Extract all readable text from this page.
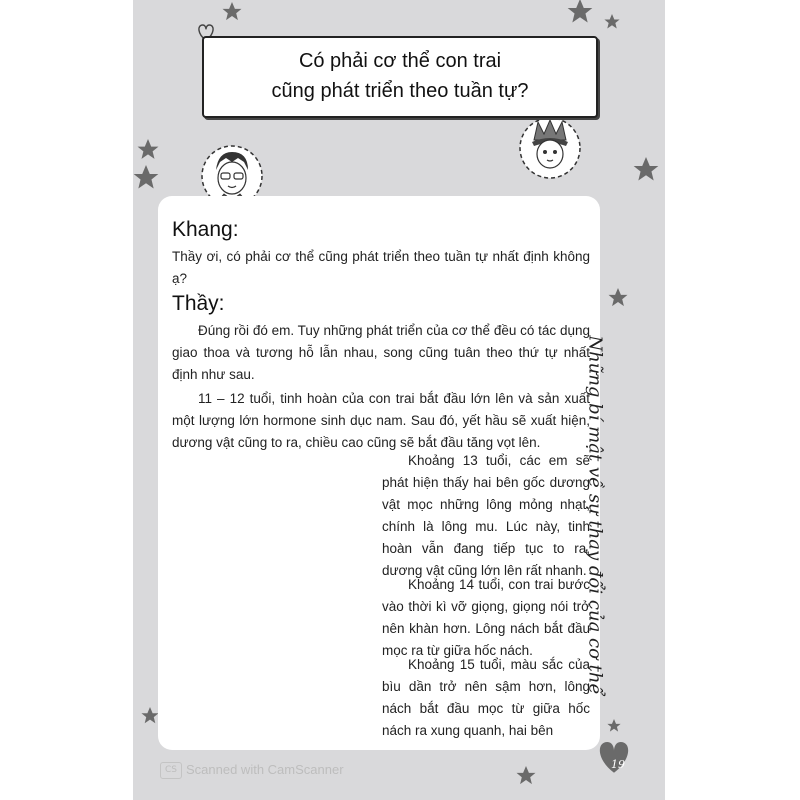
Có phải cơ thể con trai
cũng phát triển theo tuần tự?
Khang:

Thầy ơi, có phải cơ thể cũng phát triển theo tuần tự nhất định không ạ?

Thầy:

Đúng rồi đó em. Tuy những phát triển của cơ thể đều có tác dụng giao thoa và tương hỗ lẫn nhau, song cũng tuân theo thứ tự nhất định như sau.

11 – 12 tuổi, tinh hoàn của con trai bắt đầu lớn lên và sản xuất một lượng lớn hormone sinh dục nam. Sau đó, yết hầu sẽ xuất hiện, dương vật cũng to ra, chiều cao cũng sẽ bắt đầu tăng vọt lên.

Khoảng 13 tuổi, các em sẽ phát hiện thấy hai bên gốc dương vật mọc những lông mỏng nhạt, chính là lông mu. Lúc này, tinh hoàn vẫn đang tiếp tục to ra, dương vật cũng lớn lên rất nhanh.

Khoảng 14 tuổi, con trai bước vào thời kì vỡ giọng, giọng nói trở nên khàn hơn. Lông nách bắt đầu mọc ra từ giữa hốc nách.

Khoảng 15 tuổi, màu sắc của bìu dần trở nên sậm hơn, lông nách bắt đầu mọc từ giữa hốc nách ra xung quanh, hai bên

Những bí mật về sự thay đổi của cơ thể
CS Scanned with CamScanner	19
